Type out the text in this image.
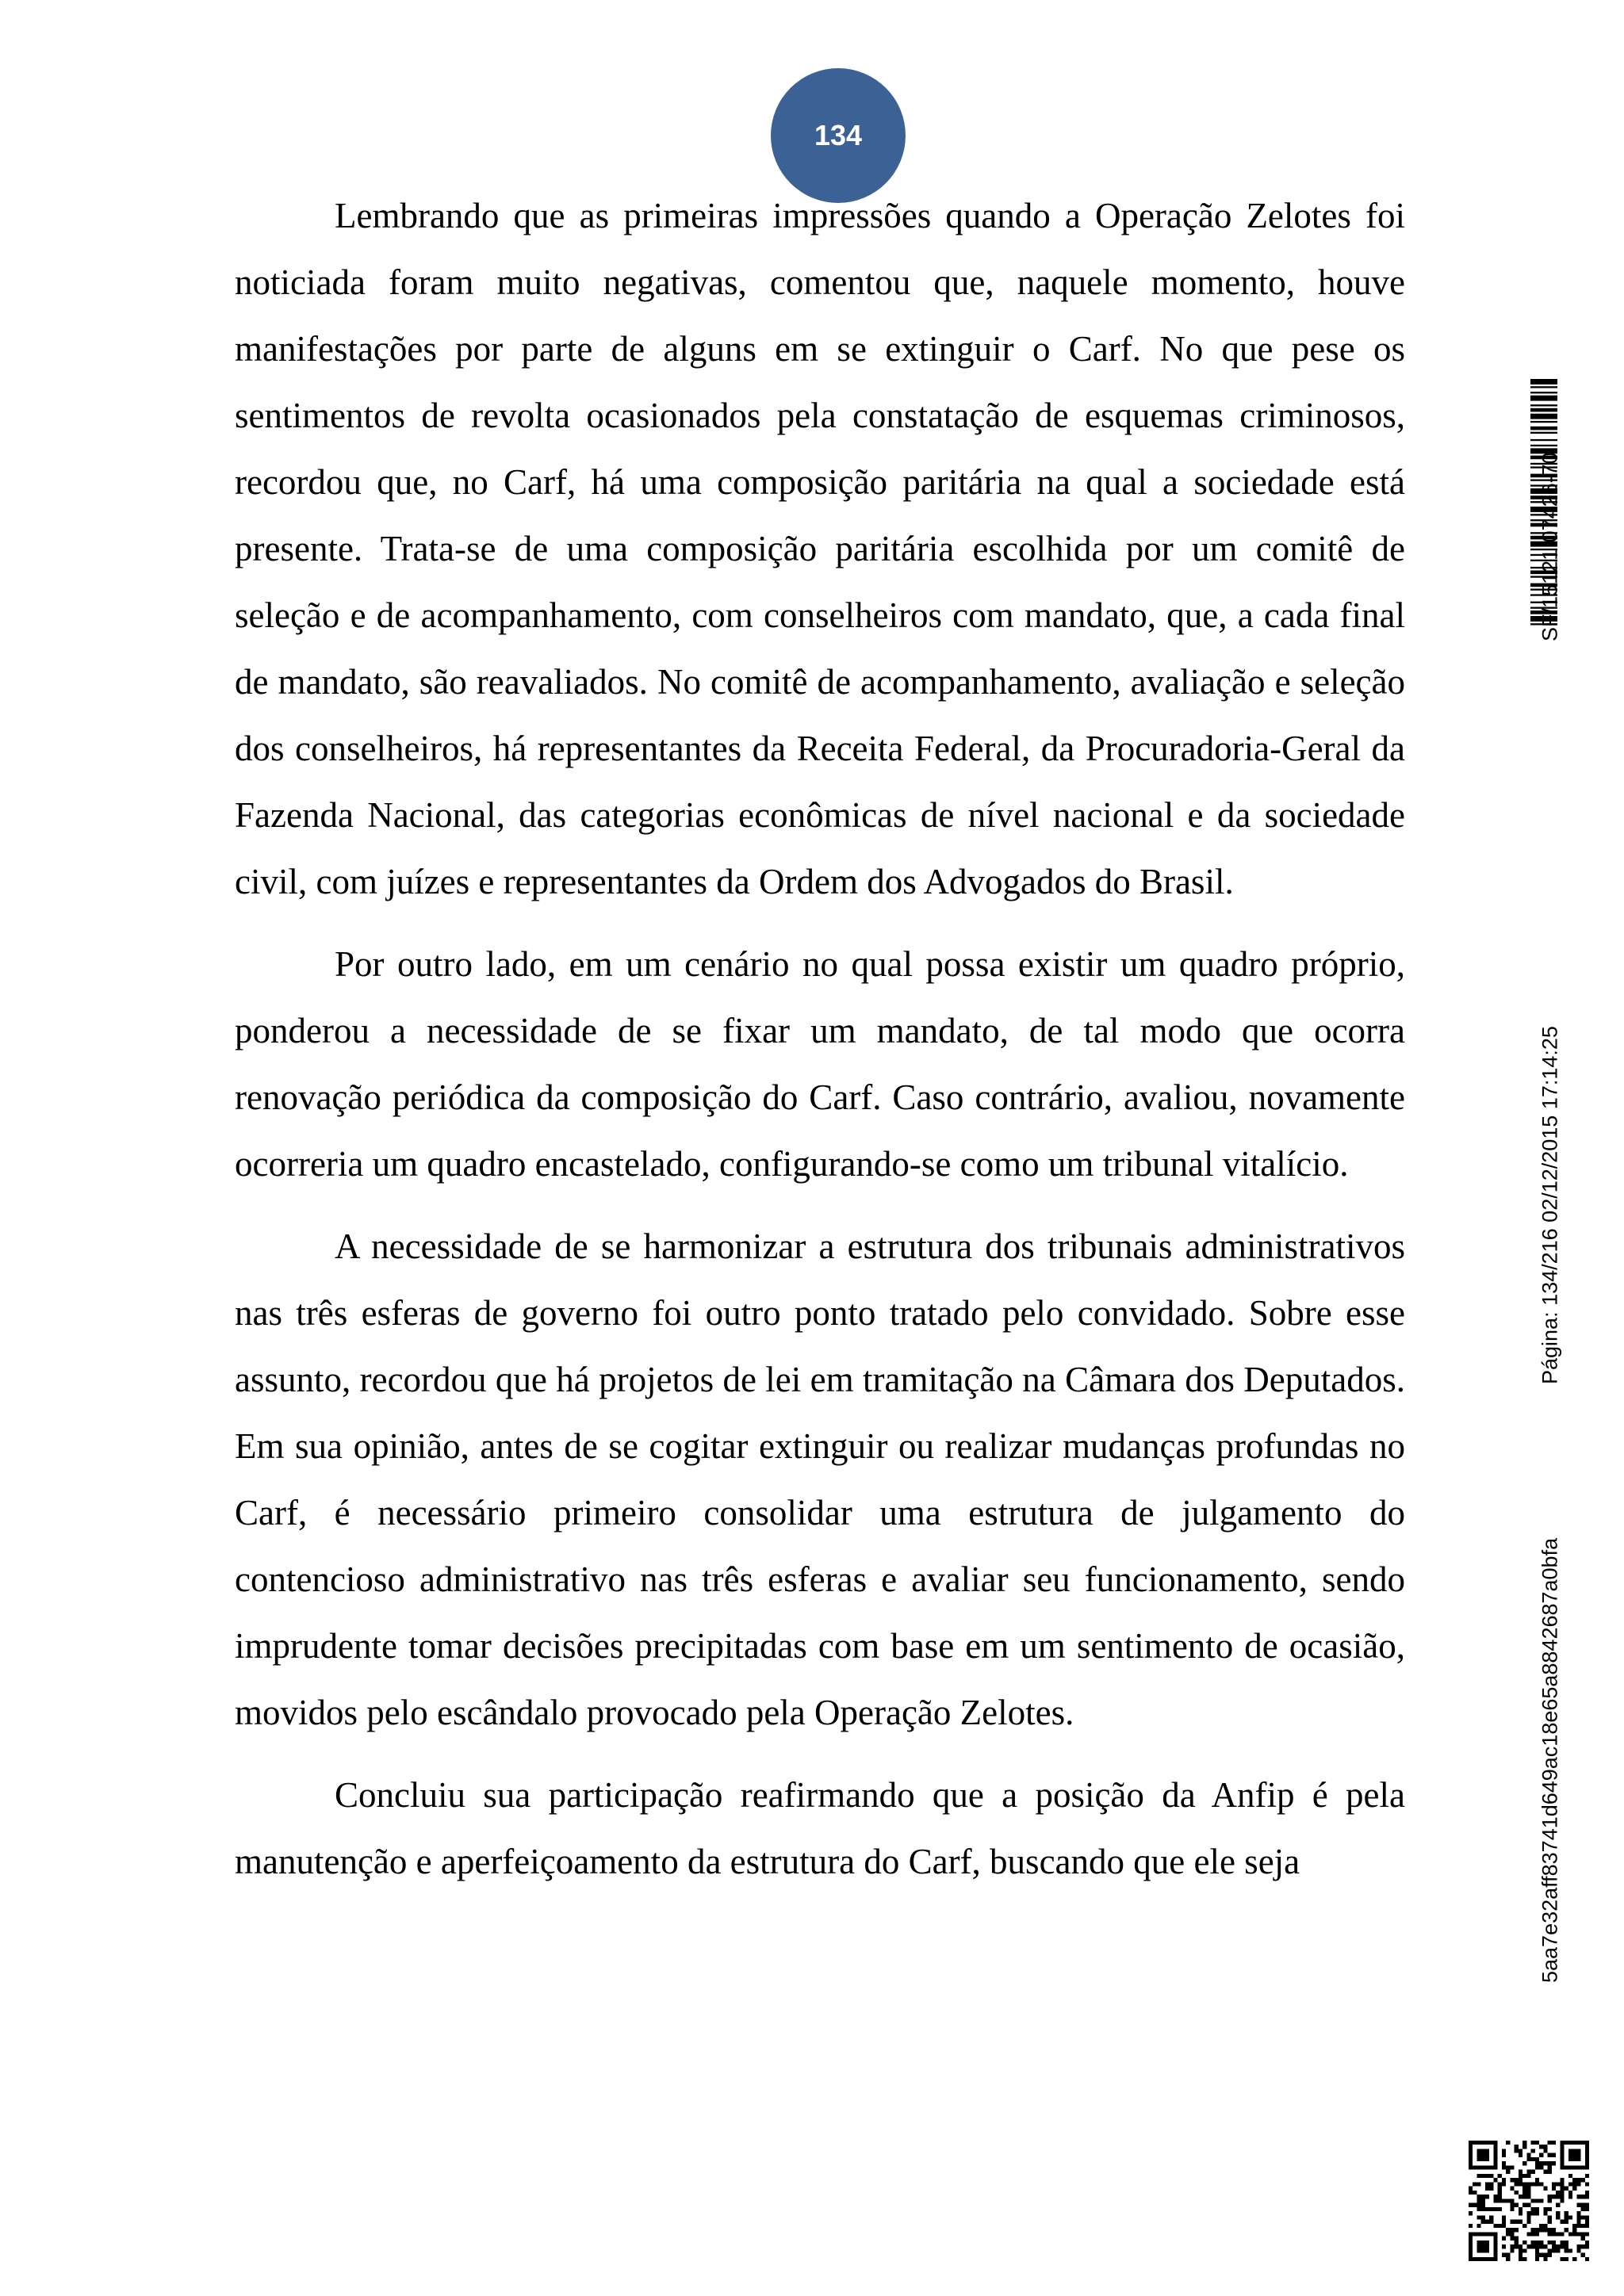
134

Lembrando que as primeiras impressões quando a Operação Zelotes foi noticiada foram muito negativas, comentou que, naquele momento, houve manifestações por parte de alguns em se extinguir o Carf. No que pese os sentimentos de revolta ocasionados pela constatação de esquemas criminosos, recordou que, no Carf, há uma composição paritária na qual a sociedade está presente. Trata-se de uma composição paritária escolhida por um comitê de seleção e de acompanhamento, com conselheiros com mandato, que, a cada final de mandato, são reavaliados. No comitê de acompanhamento, avaliação e seleção dos conselheiros, há representantes da Receita Federal, da Procuradoria-Geral da Fazenda Nacional, das categorias econômicas de nível nacional e da sociedade civil, com juízes e representantes da Ordem dos Advogados do Brasil.

Por outro lado, em um cenário no qual possa existir um quadro próprio, ponderou a necessidade de se fixar um mandato, de tal modo que ocorra renovação periódica da composição do Carf. Caso contrário, avaliou, novamente ocorreria um quadro encastelado, configurando-se como um tribunal vitalício.

A necessidade de se harmonizar a estrutura dos tribunais administrativos nas três esferas de governo foi outro ponto tratado pelo convidado. Sobre esse assunto, recordou que há projetos de lei em tramitação na Câmara dos Deputados. Em sua opinião, antes de se cogitar extinguir ou realizar mudanças profundas no Carf, é necessário primeiro consolidar uma estrutura de julgamento do contencioso administrativo nas três esferas e avaliar seu funcionamento, sendo imprudente tomar decisões precipitadas com base em um sentimento de ocasião, movidos pelo escândalo provocado pela Operação Zelotes.

Concluiu sua participação reafirmando que a posição da Anfip é pela manutenção e aperfeiçoamento da estrutura do Carf, buscando que ele seja

SF/15121.07426-70
Página: 134/216 02/12/2015 17:14:25
5aa7e32aff83741d649ac18e65a8842687a0bfa
